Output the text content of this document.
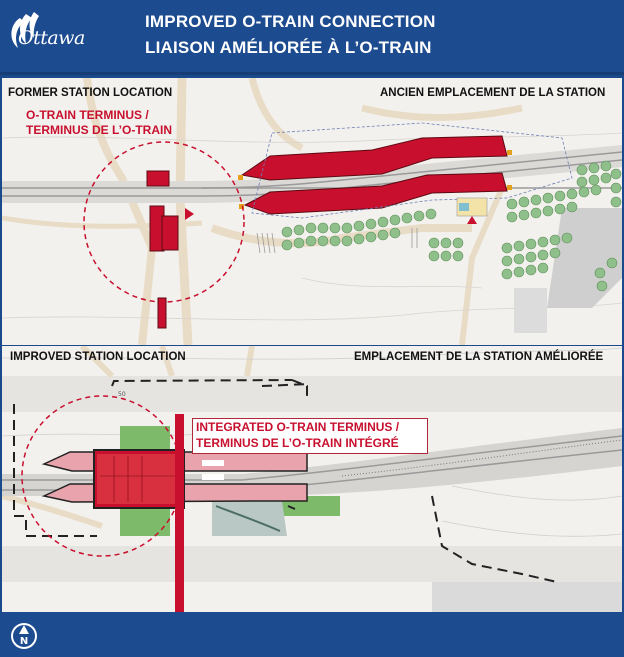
Ottawa
IMPROVED O-TRAIN CONNECTION
LIAISON AMÉLIORÉE À L’O-TRAIN
FORMER STATION LOCATION	ANCIEN EMPLACEMENT DE LA STATION
O-TRAIN TERMINUS /
TERMINUS DE L’O-TRAIN
50
IMPROVED STATION LOCATION	EMPLACEMENT DE LA STATION AMÉLIORÉE
INTEGRATED O-TRAIN TERMINUS /
TERMINUS DE L’O-TRAIN INTÉGRÉ
N
